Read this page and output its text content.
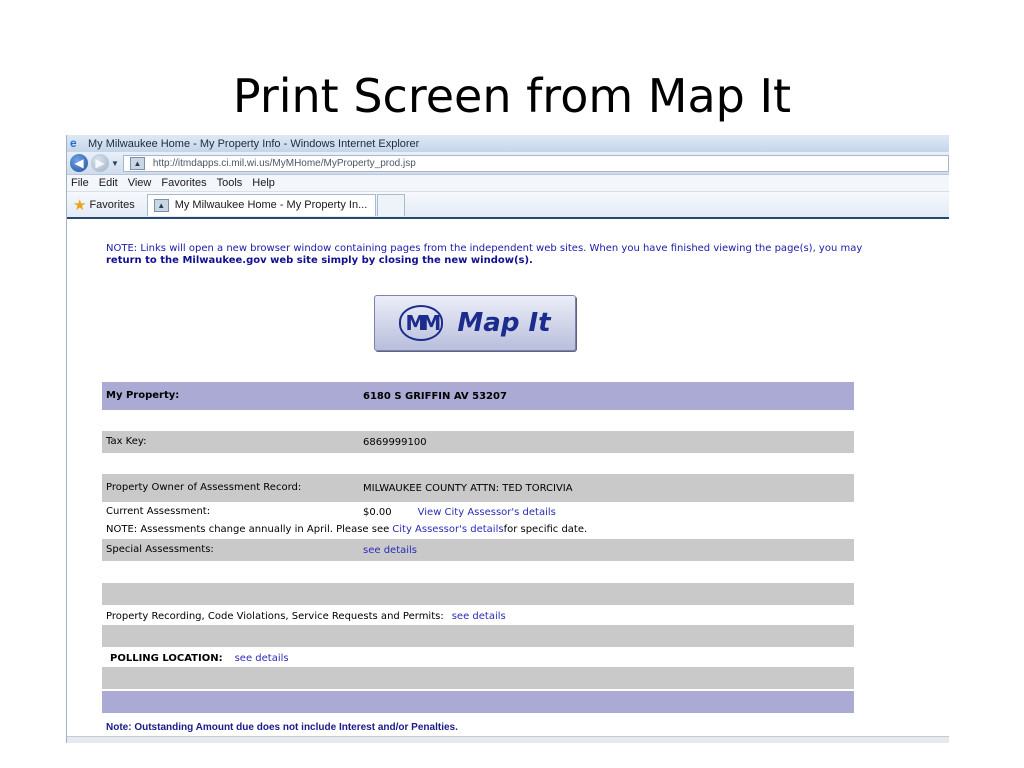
Print Screen from Map It
e	My Milwaukee Home - My Property Info - Windows Internet Explorer
◀ ▶ ▼	▲	http://itmdapps.ci.mil.wi.us/MyMHome/MyProperty_prod.jsp
File Edit View Favorites Tools Help
★ Favorites	▲ My Milwaukee Home - My Property In...
NOTE: Links will open a new browser window containing pages from the independent web sites. When you have finished viewing the page(s), you may return to the Milwaukee.gov web site simply by closing the new window(s).
MM Map It
My Property:	6180 S GRIFFIN AV 53207
Tax Key:	6869999100
Property Owner of Assessment Record:	MILWAUKEE COUNTY ATTN: TED TORCIVIA
Current Assessment:	$0.00	View City Assessor's details
NOTE: Assessments change annually in April. Please see City Assessor's details for specific date.
Special Assessments:	see details
Property Recording, Code Violations, Service Requests and Permits: see details
POLLING LOCATION: see details
Note: Outstanding Amount due does not include Interest and/or Penalties.
